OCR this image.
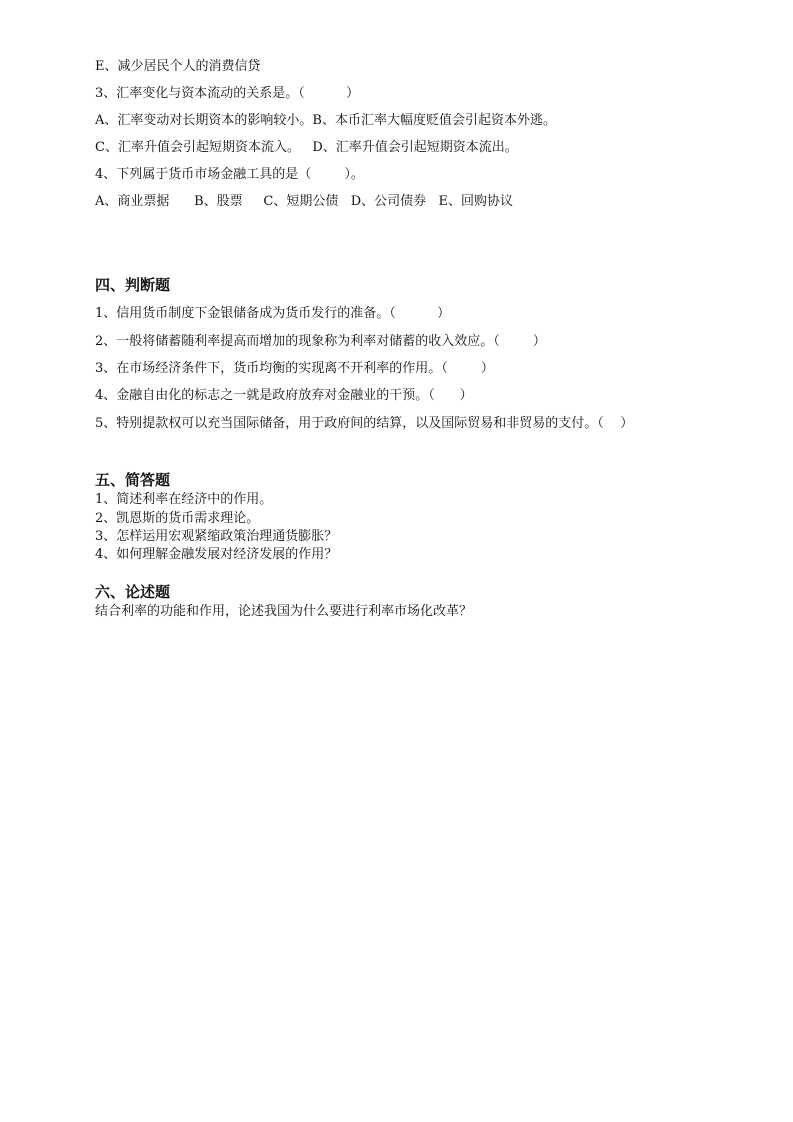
E、减少居民个人的消费信贷
3、汇率变化与资本流动的关系是。（          ）
A、汇率变动对长期资本的影响较小。B、本币汇率大幅度贬值会引起资本外逃。
C、汇率升值会引起短期资本流入。   D、汇率升值会引起短期资本流出。
4、下列属于货币市场金融工具的是（        ）。
A、商业票据      B、股票     C、短期公债   D、公司债券   E、回购协议
四、判断题
1、信用货币制度下金银储备成为货币发行的准备。（          ）
2、一般将储蓄随利率提高而增加的现象称为利率对储蓄的收入效应。（        ）
3、在市场经济条件下，货币均衡的实现离不开利率的作用。（        ）
4、金融自由化的标志之一就是政府放弃对金融业的干预。（      ）
5、特别提款权可以充当国际储备，用于政府间的结算，以及国际贸易和非贸易的支付。（    ）
五、简答题
1、简述利率在经济中的作用。
2、凯恩斯的货币需求理论。
3、怎样运用宏观紧缩政策治理通货膨胀？
4、如何理解金融发展对经济发展的作用？
六、论述题
结合利率的功能和作用，论述我国为什么要进行利率市场化改革？
